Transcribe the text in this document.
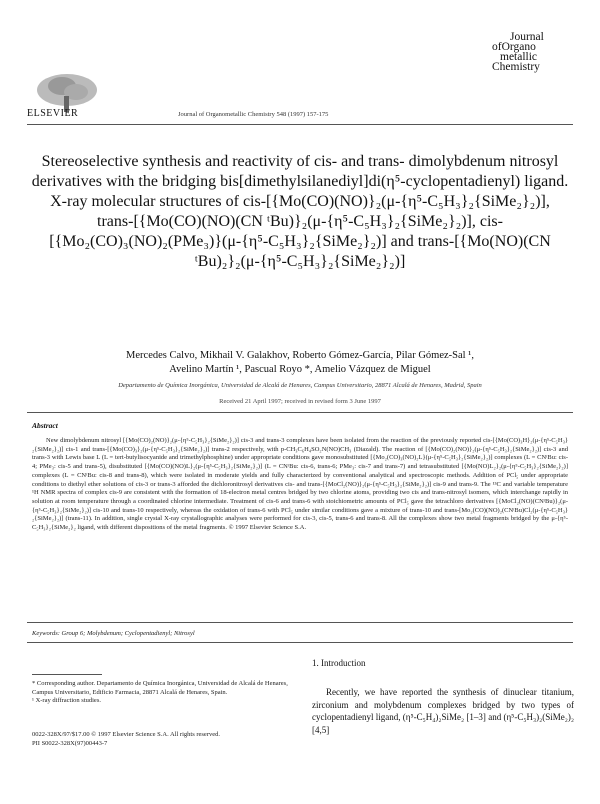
ELSEVIER	Journal of Organometallic Chemistry 548 (1997) 157-175
Journal
ofOrgano
metallic
Chemistry
Stereoselective synthesis and reactivity of cis- and trans- dimolybdenum nitrosyl derivatives with the bridging bis[dimethylsilanediyl]di(η⁵-cyclopentadienyl) ligand. X-ray molecular structures of cis-[{Mo(CO)(NO)}₂(μ-{η⁵-C₅H₃}₂{SiMe₂}₂)], trans-[{Mo(CO)(NO)(CN ᵗBu)}₂(μ-{η⁵-C₅H₃}₂{SiMe₂}₂)], cis-[{Mo₂(CO)₃(NO)₂(PMe₃)}(μ-{η⁵-C₅H₃}₂{SiMe₂}₂)] and trans-[{Mo(NO)(CN ᵗBu)₂}₂(μ-{η⁵-C₅H₃}₂{SiMe₂}₂)]
Mercedes Calvo, Mikhail V. Galakhov, Roberto Gómez-García, Pilar Gómez-Sal ¹,
Avelino Martín ¹, Pascual Royo *, Amelio Vázquez de Miguel
Departamento de Química Inorgánica, Universidad de Alcalá de Henares, Campus Universitario, 28871 Alcalá de Henares, Madrid, Spain
Received 21 April 1997; received in revised form 3 June 1997
Abstract
New dimolybdenum nitrosyl [{Mo(CO)₂(NO)}₂(μ-{η⁵-C₅H₃}₂{SiMe₂}₂)] cis-3 and trans-3 complexes have been isolated from the reaction of the previously reported cis-[{Mo(CO)₃H}₂(μ-{η⁵-C₅H₃}₂{SiMe₂}₂)] cis-1 and trans-[{Mo(CO)₃}₂(μ-{η⁵-C₅H₃}₂{SiMe₂}₂)] trans-2 respectively, with p-CH₃C₆H₄SO₂N(NO)CH₃ (Diazald). The reaction of [{Mo(CO)₂(NO)}₂(μ-{η⁵-C₅H₃}₂{SiMe₂}₂)] cis-3 and trans-3 with Lewis base L (L = tert-butylisocyanide and trimethylphosphine) under appropriate conditions gave monosubstituted [{Mo₂(CO)₃(NO)₂L}(μ-{η⁵-C₅H₃}₂{SiMe₂}₂)] complexes (L = CNᵗBu: cis-4; PMe₃: cis-5 and trans-5), disubstituted [{Mo(CO)(NO)L}₂(μ-{η⁵-C₅H₃}₂{SiMe₂}₂)] (L = CNᵗBu: cis-6, trans-6; PMe₃: cis-7 and trans-7) and tetrasubstituted [{Mo(NO)L₂}₂(μ-{η⁵-C₅H₃}₂{SiMe₂}₂)] complexes (L = CNᵗBu: cis-8 and trans-8), which were isolated in moderate yields and fully characterized by conventional analytical and spectroscopic methods. Addition of PCl₅ under appropriate conditions to diethyl ether solutions of cis-3 or trans-3 afforded the dichloronitrosyl derivatives cis- and trans-[{MoCl₂(NO)}₂(μ-{η⁵-C₅H₃}₂{SiMe₂}₂)] cis-9 and trans-9. The ¹³C and variable temperature ¹H NMR spectra of complex cis-9 are consistent with the formation of 18-electron metal centres bridged by two chlorine atoms, providing two cis and trans-nitrosyl isomers, which interchange rapidly in solution at room temperature through a coordinated chlorine intermediate. Treatment of cis-6 and trans-6 with stoichiometric amounts of PCl₅ gave the tetrachloro derivatives [{MoCl₂(NO)(CNᵗBu)}₂(μ-{η⁵-C₅H₃}₂{SiMe₂}₂)] cis-10 and trans-10 respectively, whereas the oxidation of trans-6 with PCl₅ under similar conditions gave a mixture of trans-10 and trans-[Mo₂(CO)(NO)₂(CNᵗBu)Cl₂(μ-{η⁵-C₅H₃}₂{SiMe₂}₂)] (trans-11). In addition, single crystal X-ray crystallographic analyses were performed for cis-3, cis-5, trans-6 and trans-8. All the complexes show two metal fragments bridged by the μ-{η⁵-C₅H₃}₂{SiMe₂}₂ ligand, with different dispositions of the metal fragments. © 1997 Elsevier Science S.A.
Keywords: Group 6; Molybdenum; Cyclopentadienyl; Nitrosyl
1. Introduction
Recently, we have reported the synthesis of dinuclear titanium, zirconium and molybdenum complexes bridged by two types of cyclopentadienyl ligand, (η⁵-C₅H₄)₂SiMe₂ [1–3] and (η⁵-C₅H₃)₂(SiMe₂)₂ [4,5]
* Corresponding author. Departamento de Química Inorgánica, Universidad de Alcalá de Henares, Campus Universitario, Edificio Farmacia, 28871 Alcalá de Henares, Spain.
¹ X-ray diffraction studies.
0022-328X/97/$17.00 © 1997 Elsevier Science S.A. All rights reserved.
PII S0022-328X(97)00443-7
